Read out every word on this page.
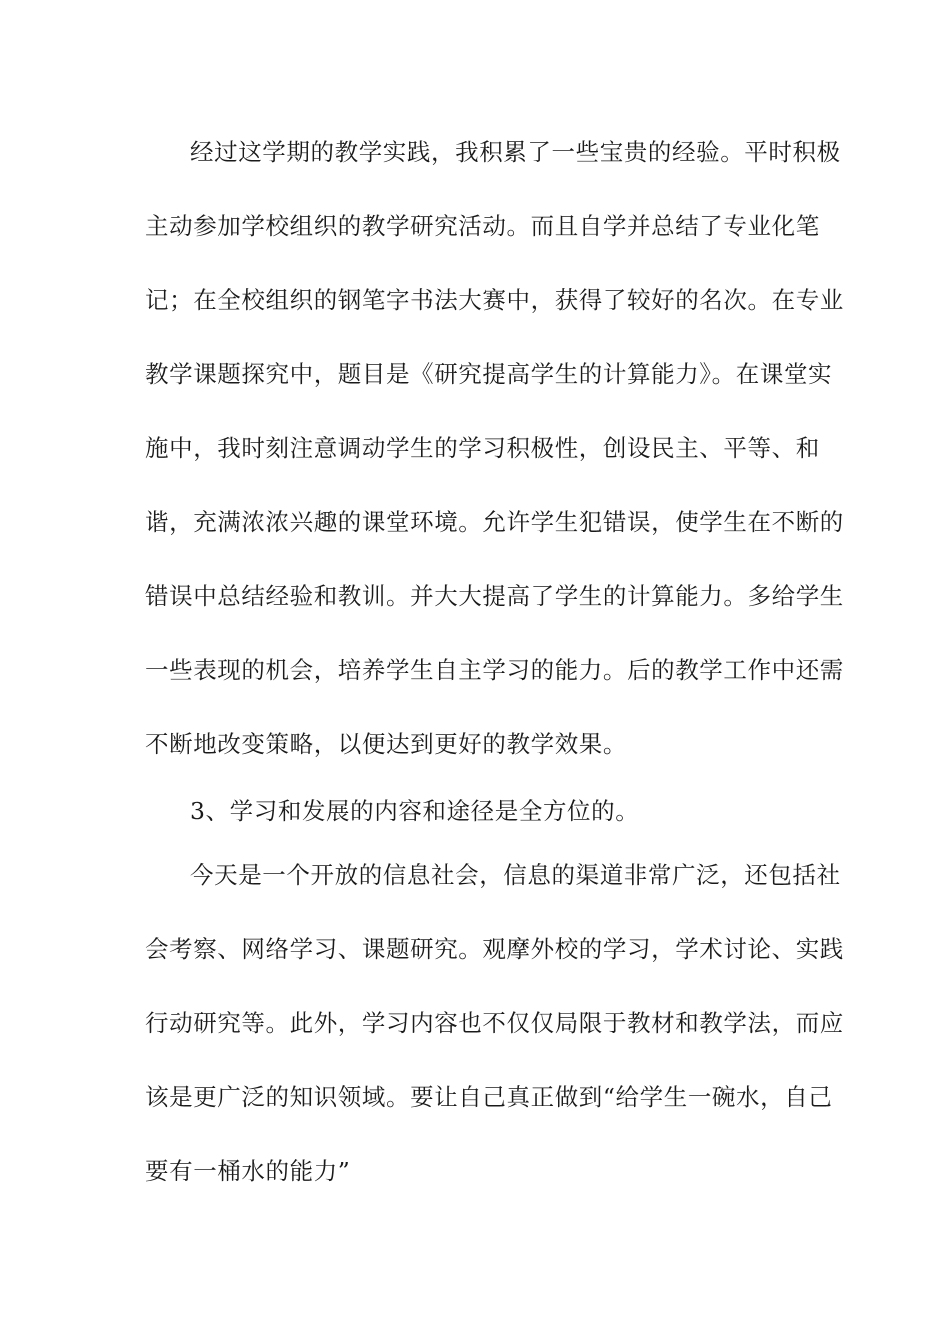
经过这学期的教学实践，我积累了一些宝贵的经验。平时积极
主动参加学校组织的教学研究活动。而且自学并总结了专业化笔
记；在全校组织的钢笔字书法大赛中，获得了较好的名次。在专业
教学课题探究中，题目是《研究提高学生的计算能力》。在课堂实
施中，我时刻注意调动学生的学习积极性，创设民主、平等、和
谐，充满浓浓兴趣的课堂环境。允许学生犯错误，使学生在不断的
错误中总结经验和教训。并大大提高了学生的计算能力。多给学生
一些表现的机会，培养学生自主学习的能力。后的教学工作中还需
不断地改变策略，以便达到更好的教学效果。
3、学习和发展的内容和途径是全方位的。
今天是一个开放的信息社会，信息的渠道非常广泛，还包括社
会考察、网络学习、课题研究。观摩外校的学习，学术讨论、实践
行动研究等。此外，学习内容也不仅仅局限于教材和教学法，而应
该是更广泛的知识领域。要让自己真正做到“给学生一碗水，自己
要有一桶水的能力”
